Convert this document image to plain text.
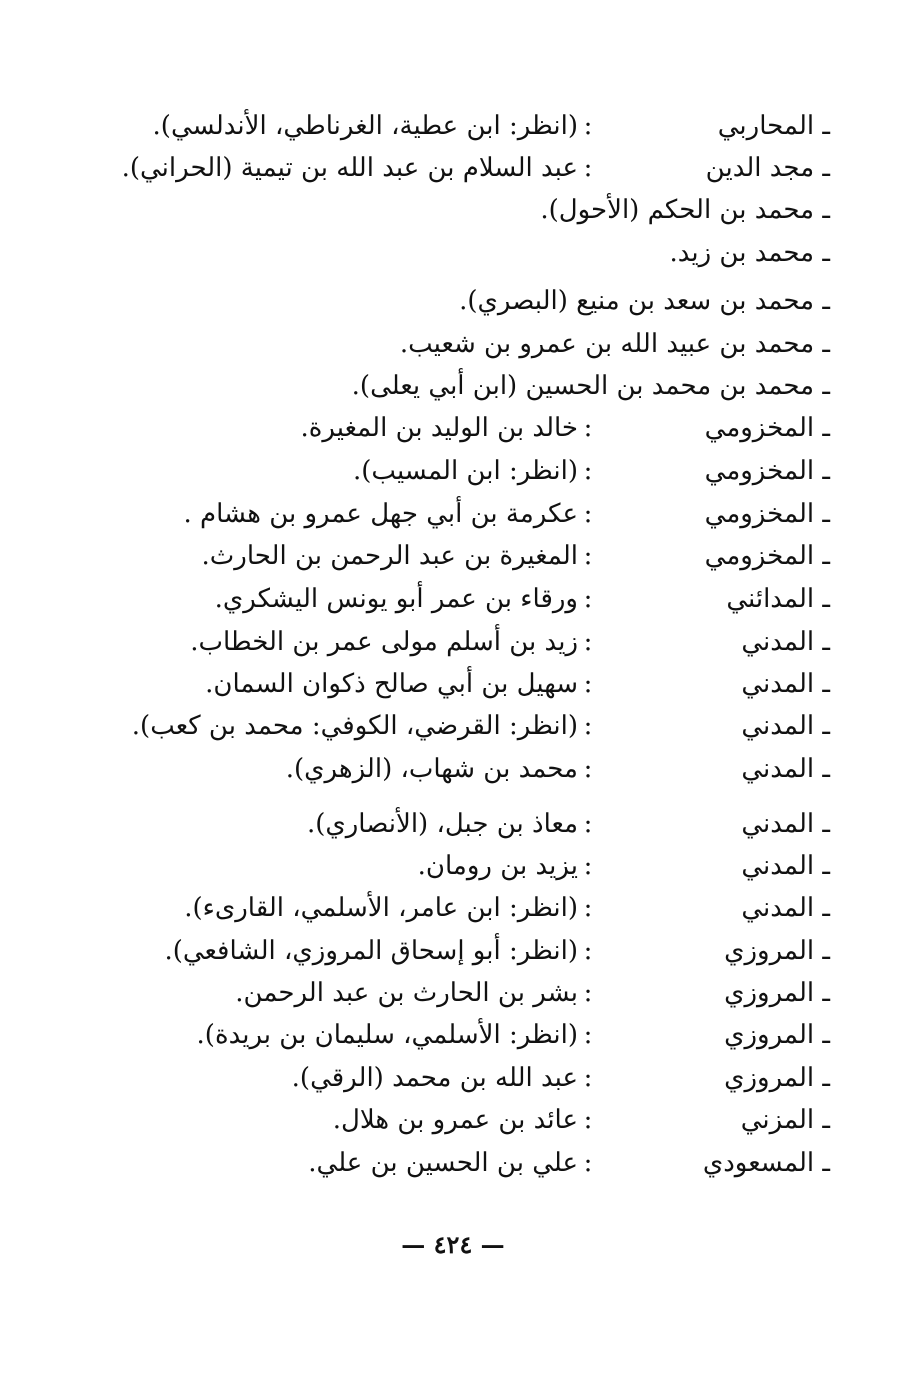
ـ المحاربي
:
(انظر: ابن عطية، الغرناطي، الأندلسي).
ـ مجد الدين
:
عبد السلام بن عبد الله بن تيمية (الحراني).
ـ محمد بن الحكم (الأحول).
ـ محمد بن زيد.
ـ محمد بن سعد بن منيع (البصري).
ـ محمد بن عبيد الله بن عمرو بن شعيب.
ـ محمد بن محمد بن الحسين (ابن أبي يعلى).
ـ المخزومي
:
خالد بن الوليد بن المغيرة.
ـ المخزومي
:
(انظر: ابن المسيب).
ـ المخزومي
:
عكرمة بن أبي جهل عمرو بن هشام .
ـ المخزومي
:
المغيرة بن عبد الرحمن بن الحارث.
ـ المدائني
:
ورقاء بن عمر أبو يونس اليشكري.
ـ المدني
:
زيد بن أسلم مولى عمر بن الخطاب.
ـ المدني
:
سهيل بن أبي صالح ذكوان السمان.
ـ المدني
:
(انظر: القرضي، الكوفي: محمد بن كعب).
ـ المدني
:
محمد بن شهاب، (الزهري).
ـ المدني
:
معاذ بن جبل، (الأنصاري).
ـ المدني
:
يزيد بن رومان.
ـ المدني
:
(انظر: ابن عامر، الأسلمي، القارىء).
ـ المروزي
:
(انظر: أبو إسحاق المروزي، الشافعي).
ـ المروزي
:
بشر بن الحارث بن عبد الرحمن.
ـ المروزي
:
(انظر: الأسلمي، سليمان بن بريدة).
ـ المروزي
:
عبد الله بن محمد (الرقي).
ـ المزني
:
عائد بن عمرو بن هلال.
ـ المسعودي
:
علي بن الحسين بن علي.
— ٤٢٤ —
